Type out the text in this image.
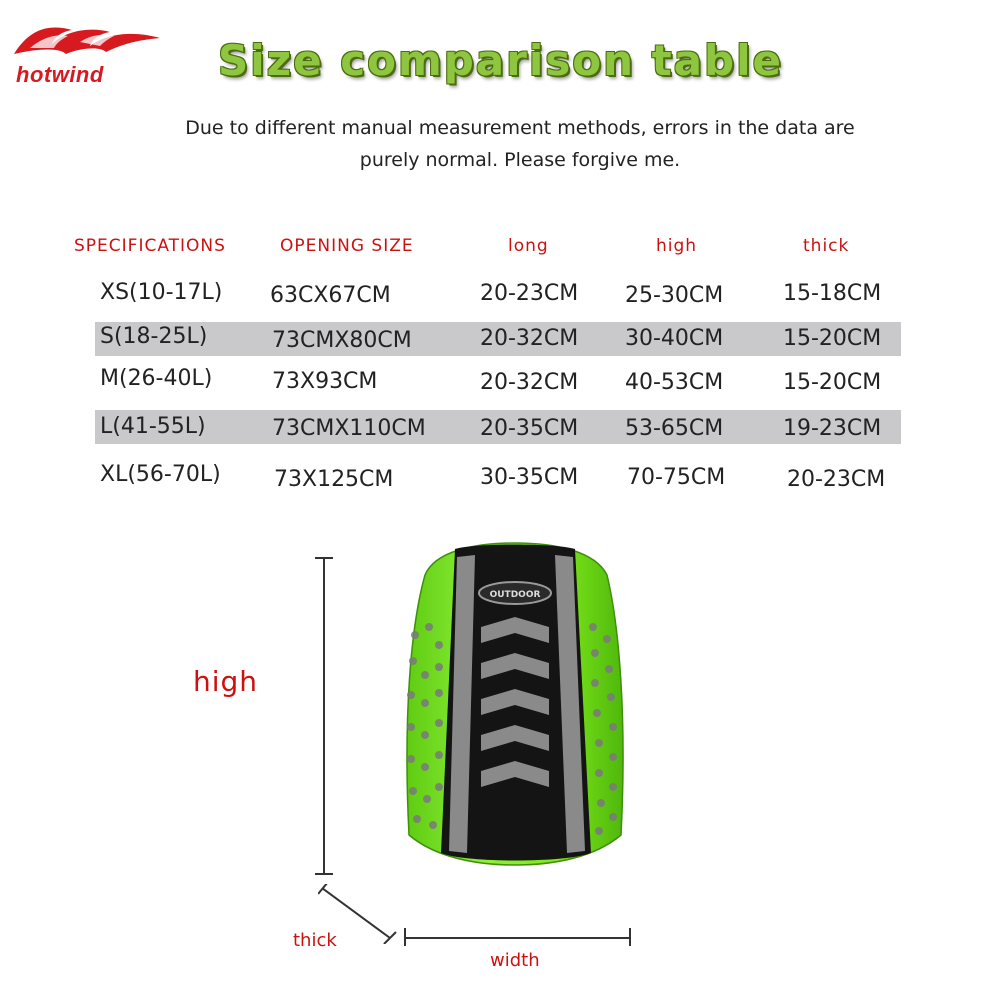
hotwind	Size comparison table
Due to different manual measurement methods, errors in the data are
purely normal. Please forgive me.
SPECIFICATIONS	OPENING SIZE	long	high	thick
XS(10-17L) 63CX67CM	20-23CM 25-30CM	15-18CM
S(18-25L)	73CMX80CM	20-32CM 30-40CM	15-20CM
M(26-40L)	73X93CM	20-32CM 40-53CM	15-20CM
L(41-55L)	73CMX110CM 20-35CM 53-65CM	19-23CM
XL(56-70L) 73X125CM	30-35CM 70-75CM	20-23CM
high
thick
width
OUTDOOR
